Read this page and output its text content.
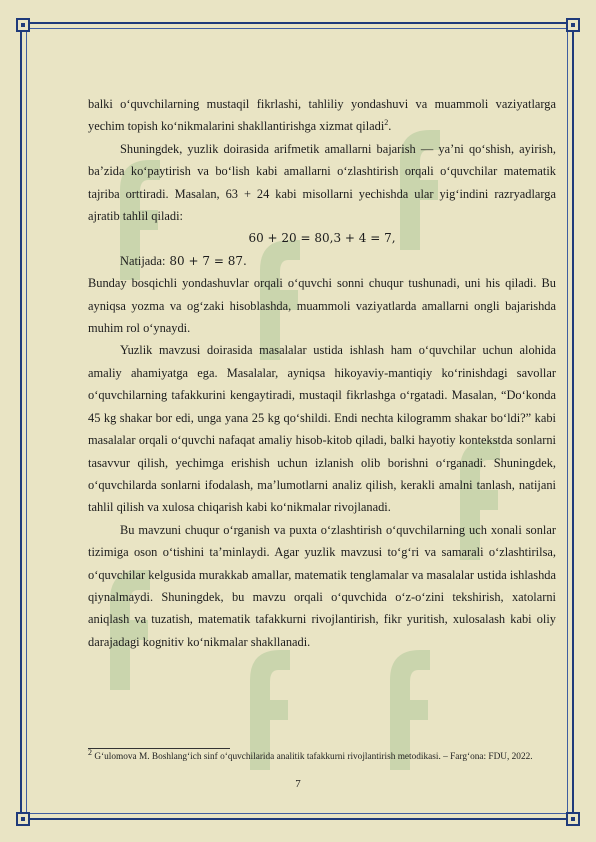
balki o‘quvchilarning mustaqil fikrlashi, tahliliy yondashuvi va muammoli vaziyatlarga yechim topish ko‘nikmalarini shakllantirishga xizmat qiladi$^2$.

Shuningdek, yuzlik doirasida arifmetik amallarni bajarish — ya’ni qo‘shish, ayirish, ba’zida ko‘paytirish va bo‘lish kabi amallarni o‘zlashtirish orqali o‘quvchilar matematik tajriba orttiradi. Masalan, 63 + 24 kabi misollarni yechishda ular yig‘indini razryadlarga ajratib tahlil qiladi:

60 + 20 = 80,3 + 4 = 7,

Natijada: 80 + 7 = 87.

Bunday bosqichli yondashuvlar orqali o‘quvchi sonni chuqur tushunadi, uni his qiladi. Bu ayniqsa yozma va og‘zaki hisoblashda, muammoli vaziyatlarda amallarni ongli bajarishda muhim rol o‘ynaydi.

Yuzlik mavzusi doirasida masalalar ustida ishlash ham o‘quvchilar uchun alohida amaliy ahamiyatga ega. Masalalar, ayniqsa hikoyaviy-mantiqiy ko‘rinishdagi savollar o‘quvchilarning tafakkurini kengaytiradi, mustaqil fikrlashga o‘rgatadi. Masalan, “Do‘konda 45 kg shakar bor edi, unga yana 25 kg qo‘shildi. Endi nechta kilogramm shakar bo‘ldi?” kabi masalalar orqali o‘quvchi nafaqat amaliy hisob-kitob qiladi, balki hayotiy kontekstda sonlarni tasavvur qilish, yechimga erishish uchun izlanish olib borishni o‘rganadi. Shuningdek, o‘quvchilarda sonlarni ifodalash, ma’lumotlarni analiz qilish, kerakli amalni tanlash, natijani tahlil qilish va xulosa chiqarish kabi ko‘nikmalar rivojlanadi.

Bu mavzuni chuqur o‘rganish va puxta o‘zlashtirish o‘quvchilarning uch xonali sonlar tizimiga oson o‘tishini ta’minlaydi. Agar yuzlik mavzusi to‘g‘ri va samarali o‘zlashtirilsa, o‘quvchilar kelgusida murakkab amallar, matematik tenglamalar va masalalar ustida ishlashda qiynalmaydi. Shuningdek, bu mavzu orqali o‘quvchida o‘z-o‘zini tekshirish, xatolarni aniqlash va tuzatish, matematik tafakkurni rivojlantirish, fikr yuritish, xulosalash kabi oliy darajadagi kognitiv ko‘nikmalar shakllanadi.

$^2$ G‘ulomova M. Boshlang‘ich sinf o‘quvchilarida analitik tafakkurni rivojlantirish metodikasi. – Farg‘ona: FDU, 2022.
7
